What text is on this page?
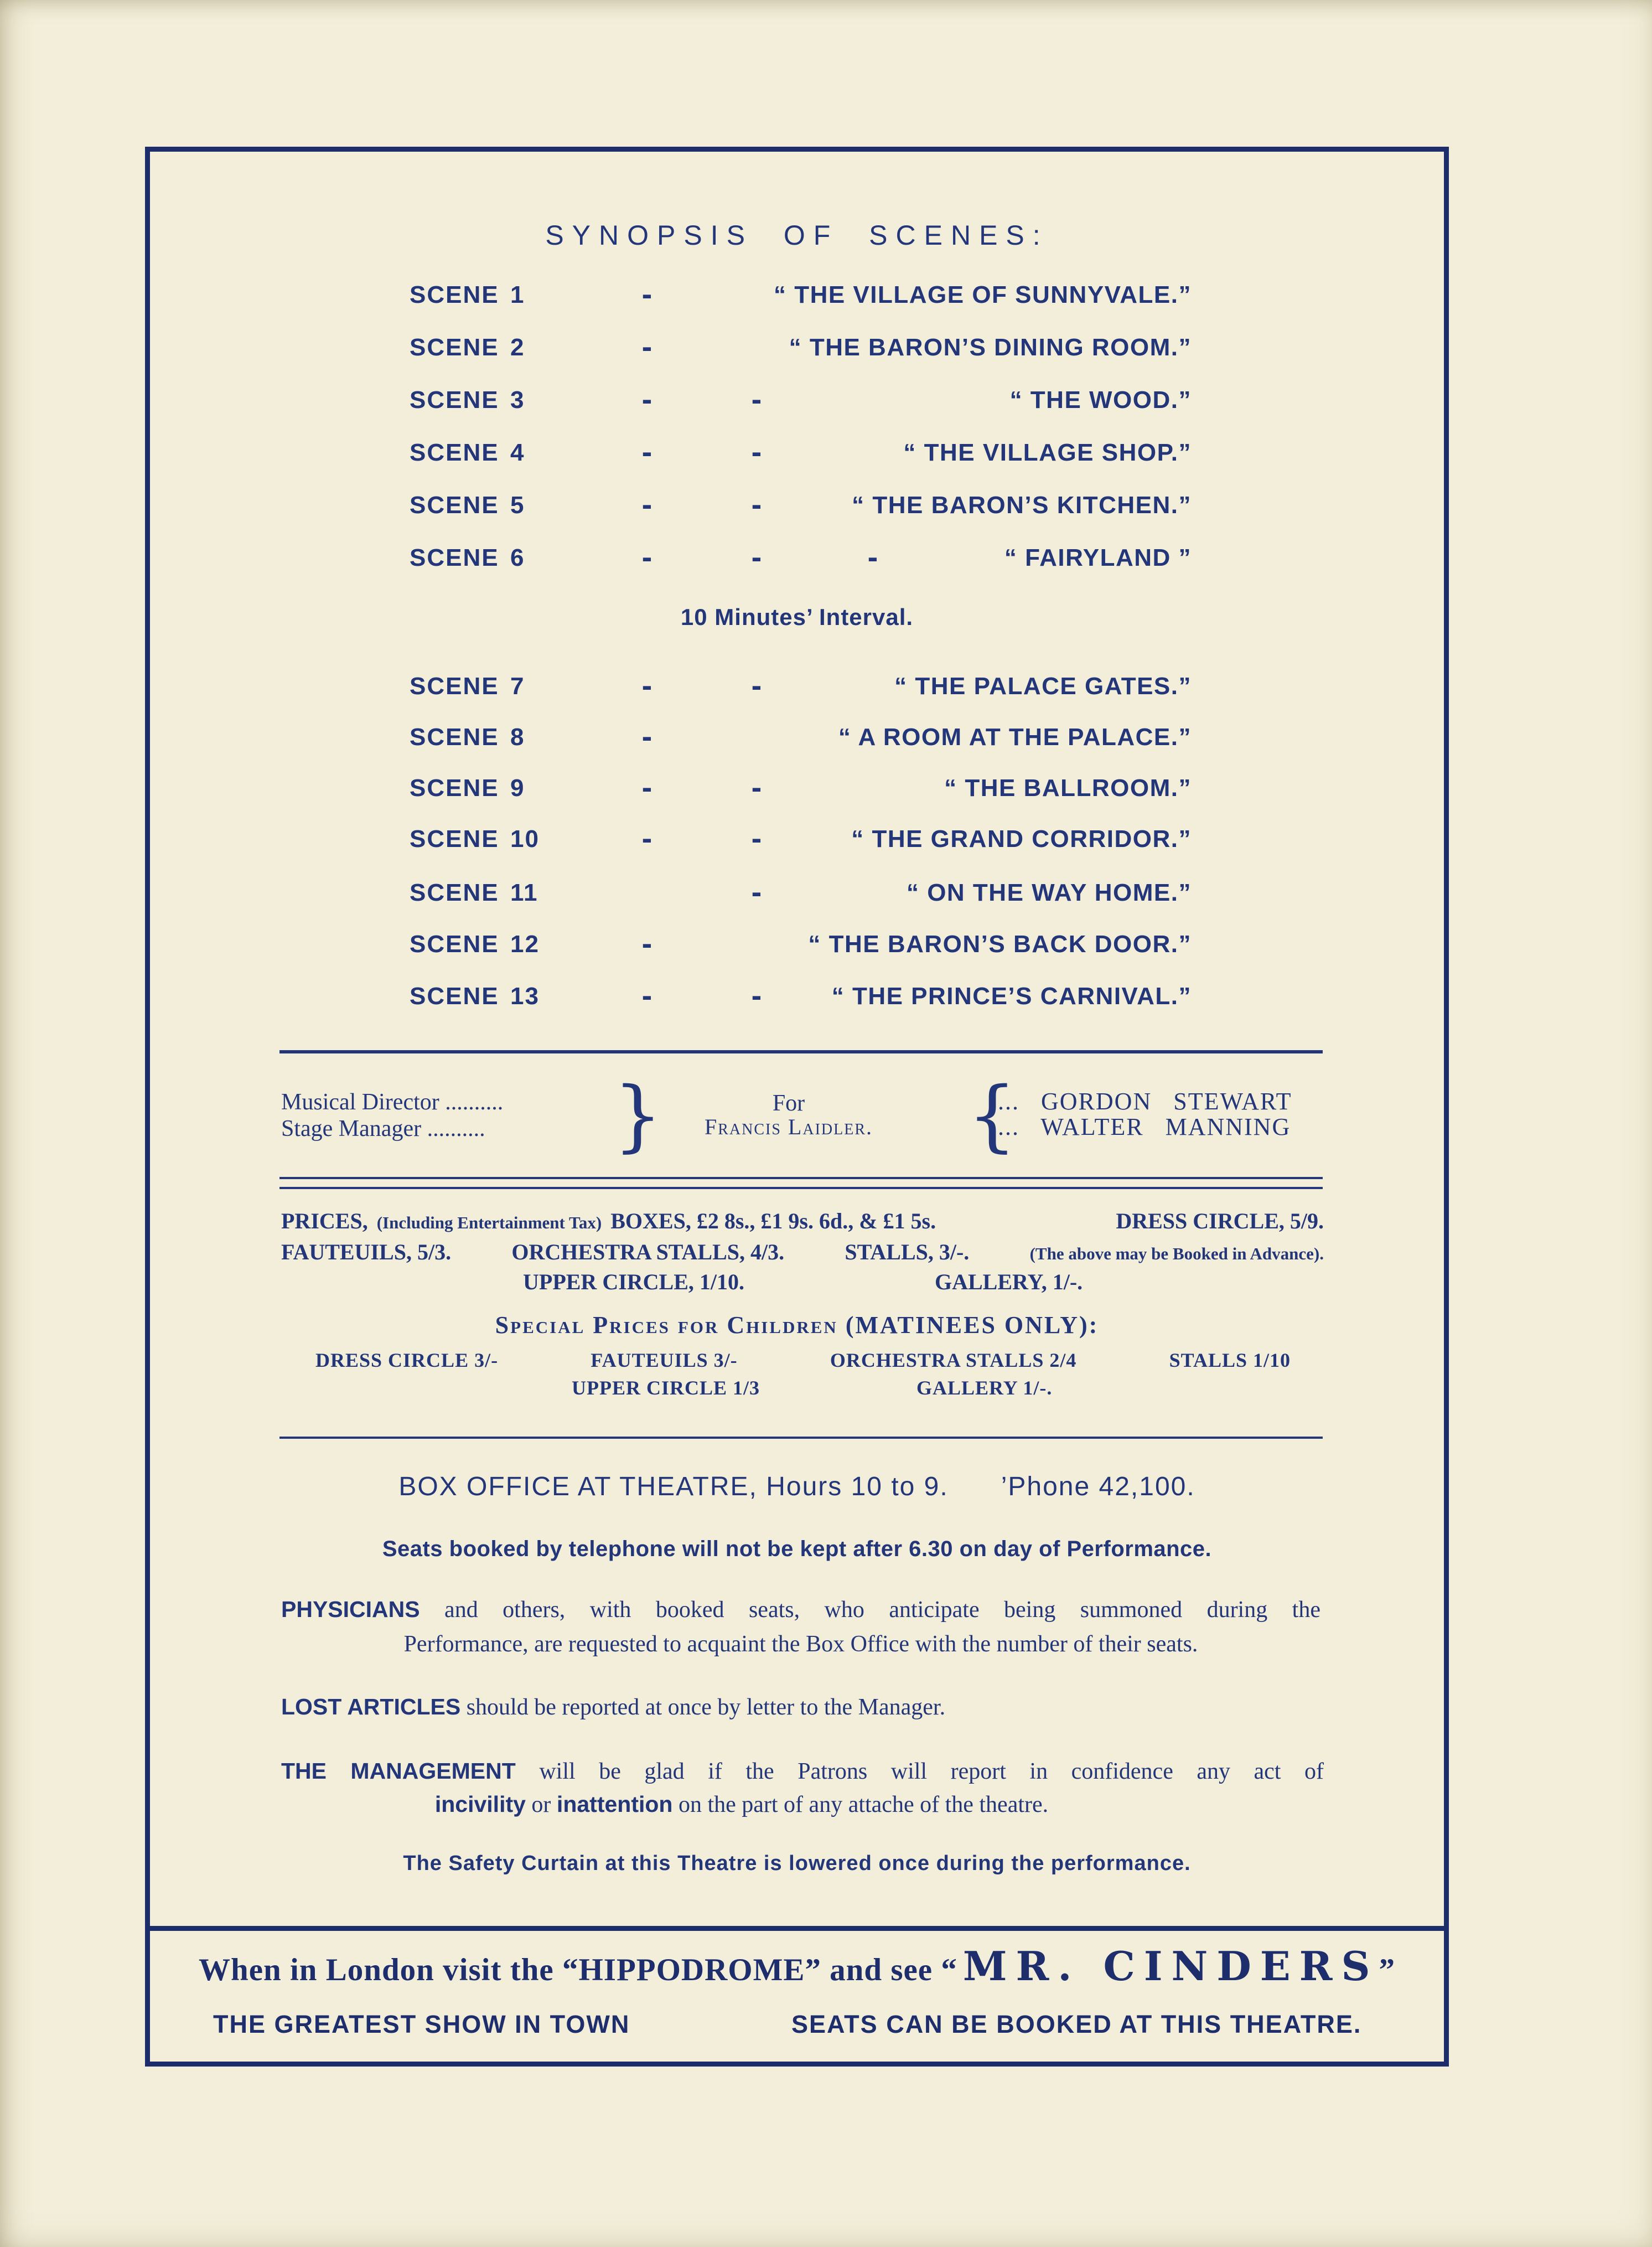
SYNOPSIS OF SCENES:
SCENE 1	-	“ THE VILLAGE OF SUNNYVALE.”
SCENE 2	-	“ THE BARON’S DINING ROOM.”
SCENE 3	-	-	“ THE WOOD.”
SCENE 4	-	-	“ THE VILLAGE SHOP.”
SCENE 5	-	-	“ THE BARON’S KITCHEN.”
SCENE 6	-	-	-	“ FAIRYLAND ”
10 Minutes’ Interval.
SCENE 7	-	-	“ THE PALACE GATES.”
SCENE 8	-	“ A ROOM AT THE PALACE.”
SCENE 9	-	-	“ THE BALLROOM.”
SCENE 10	-	-	“ THE GRAND CORRIDOR.”
SCENE 11	-	“ ON THE WAY HOME.”
SCENE 12	-	“ THE BARON’S BACK DOOR.”
SCENE 13	-	-	“ THE PRINCE’S CARNIVAL.”
Musical Director ..........
Stage Manager .......... }	For
Francis Laidler.	{
.... GORDON STEWART
.... WALTER MANNING
PRICES, (Including Entertainment Tax) BOXES, £2 8s., £1 9s. 6d., & £1 5s.	DRESS CIRCLE, 5/9.
FAUTEUILS, 5/3.	ORCHESTRA STALLS, 4/3.	STALLS, 3/-.	(The above may be Booked in Advance).
UPPER CIRCLE, 1/10.	GALLERY, 1/-.
Special Prices for Children (MATINEES ONLY):
DRESS CIRCLE 3/-	FAUTEUILS 3/-	ORCHESTRA STALLS 2/4	STALLS 1/10
UPPER CIRCLE 1/3	GALLERY 1/-.
BOX OFFICE AT THEATRE, Hours 10 to 9. ’Phone 42,100.
Seats booked by telephone will not be kept after 6.30 on day of Performance.
PHYSICIANS and others, with booked seats, who anticipate being summoned during the
Performance, are requested to acquaint the Box Office with the number of their seats.
LOST ARTICLES should be reported at once by letter to the Manager.
THE MANAGEMENT will be glad if the Patrons will report in confidence any act of
incivility or inattention on the part of any attache of the theatre.
The Safety Curtain at this Theatre is lowered once during the performance.
When in London visit the “HIPPODROME” and see “ MR. CINDERS ”
THE GREATEST SHOW IN TOWN	SEATS CAN BE BOOKED AT THIS THEATRE.
